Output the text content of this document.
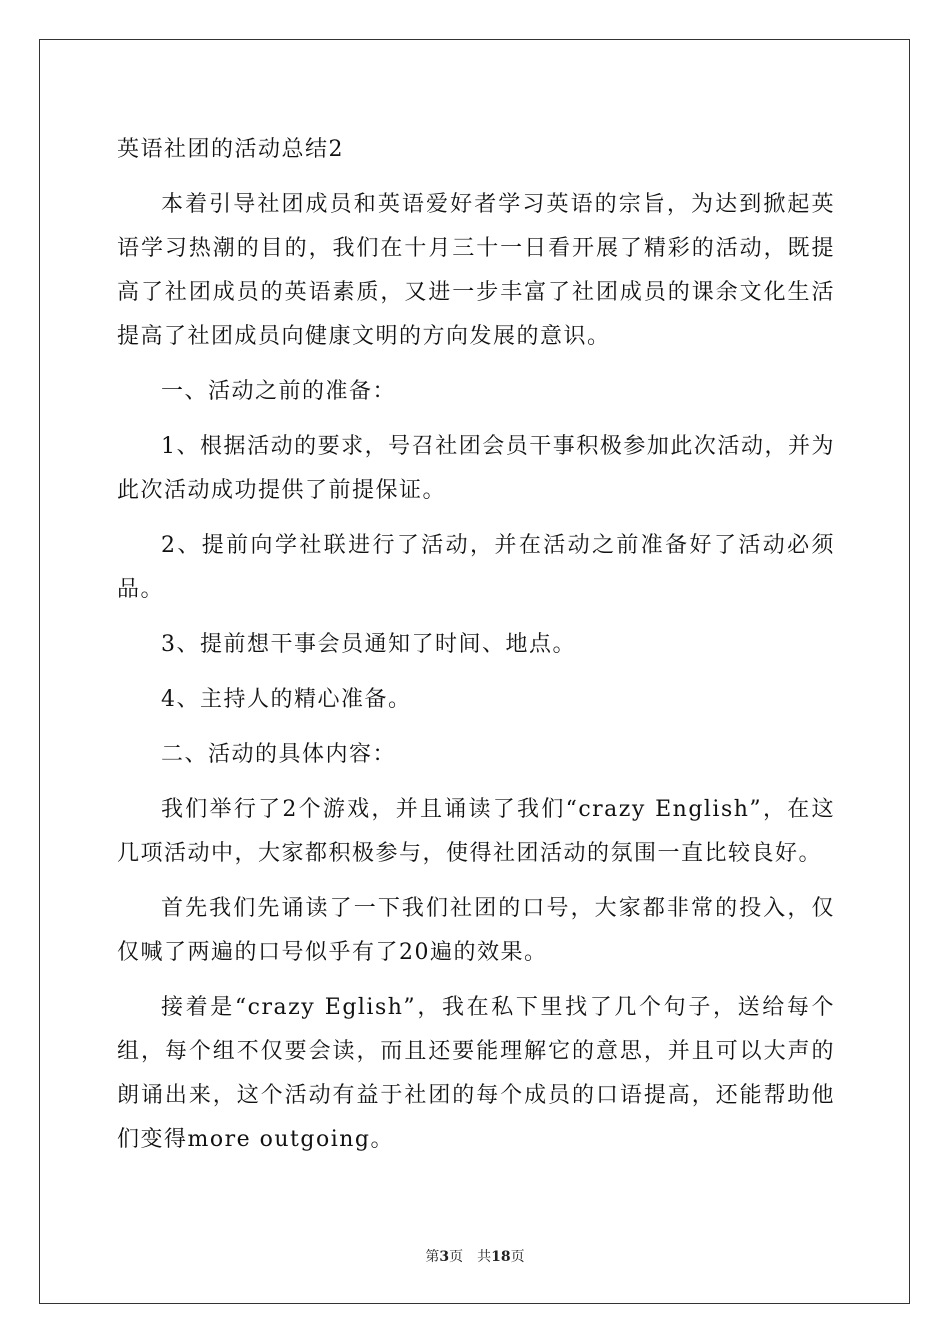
英语社团的活动总结2

本着引导社团成员和英语爱好者学习英语的宗旨，为达到掀起英语学习热潮的目的，我们在十月三十一日看开展了精彩的活动，既提高了社团成员的英语素质，又进一步丰富了社团成员的课余文化生活提高了社团成员向健康文明的方向发展的意识。

一、活动之前的准备：

1、根据活动的要求，号召社团会员干事积极参加此次活动，并为此次活动成功提供了前提保证。

2、提前向学社联进行了活动，并在活动之前准备好了活动必须品。

3、提前想干事会员通知了时间、地点。

4、主持人的精心准备。

二、活动的具体内容：

我们举行了2个游戏，并且诵读了我们“crazy English”，在这几项活动中，大家都积极参与，使得社团活动的氛围一直比较良好。

首先我们先诵读了一下我们社团的口号，大家都非常的投入，仅仅喊了两遍的口号似乎有了20遍的效果。

接着是“crazy Eglish”，我在私下里找了几个句子，送给每个组，每个组不仅要会读，而且还要能理解它的意思，并且可以大声的朗诵出来，这个活动有益于社团的每个成员的口语提高，还能帮助他们变得more outgoing。

第3页　共18页
